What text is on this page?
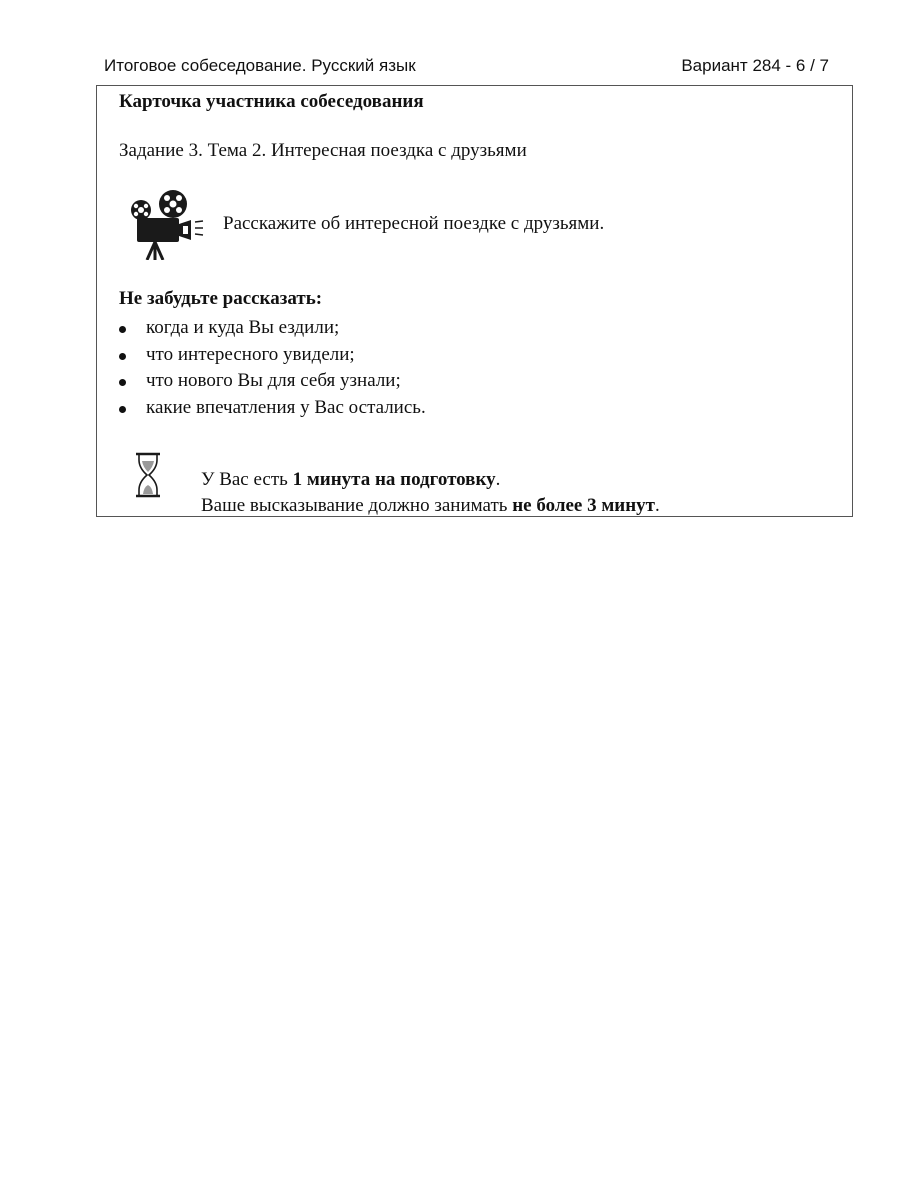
Итоговое собеседование. Русский язык	Вариант 284 - 6 / 7
Карточка участника собеседования
Задание 3. Тема 2. Интересная поездка с друзьями
Расскажите об интересной поездке с друзьями.
Не забудьте рассказать:
когда и куда Вы ездили;
что интересного увидели;
что нового Вы для себя узнали;
какие впечатления у Вас остались.
У Вас есть 1 минута на подготовку.
Ваше высказывание должно занимать не более 3 минут.
